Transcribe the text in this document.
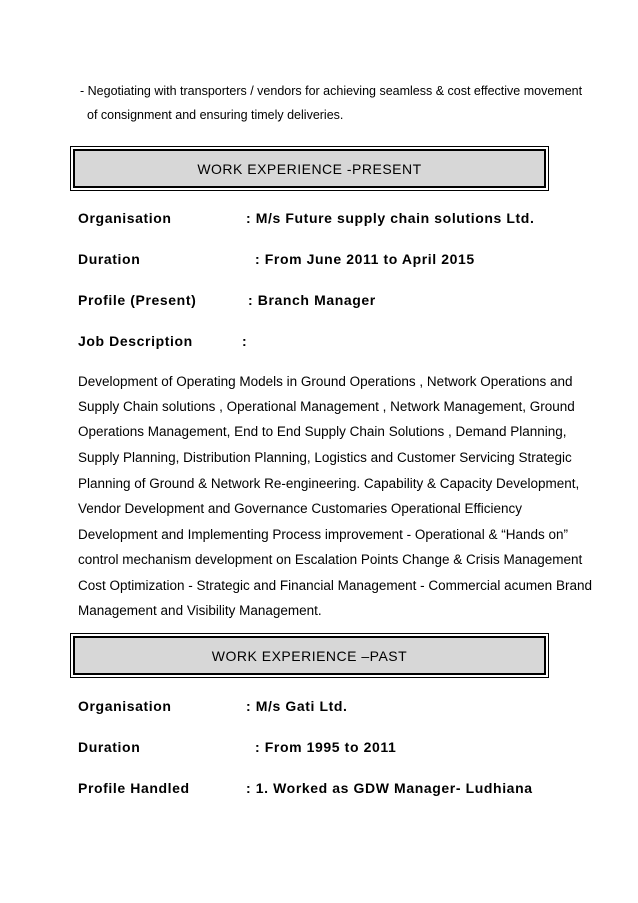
- Negotiating with transporters / vendors for achieving seamless & cost effective movement
of consignment and ensuring timely deliveries.
WORK EXPERIENCE -PRESENT
Organisation	: M/s Future supply chain solutions Ltd.
Duration	: From June 2011 to April 2015
Profile (Present)	: Branch Manager
Job Description	:
Development of Operating Models in Ground Operations , Network Operations and
Supply Chain solutions , Operational Management , Network Management, Ground
Operations Management, End to End Supply Chain Solutions , Demand Planning,
Supply Planning, Distribution Planning, Logistics and Customer Servicing Strategic
Planning of Ground & Network Re-engineering. Capability & Capacity Development,
Vendor Development and Governance Customaries Operational Efficiency
Development and Implementing Process improvement - Operational & “Hands on”
control mechanism development on Escalation Points Change & Crisis Management
Cost Optimization - Strategic and Financial Management - Commercial acumen Brand
Management and Visibility Management.
WORK EXPERIENCE –PAST
Organisation	: M/s Gati Ltd.
Duration	: From 1995 to 2011
Profile Handled	: 1. Worked as GDW Manager- Ludhiana
